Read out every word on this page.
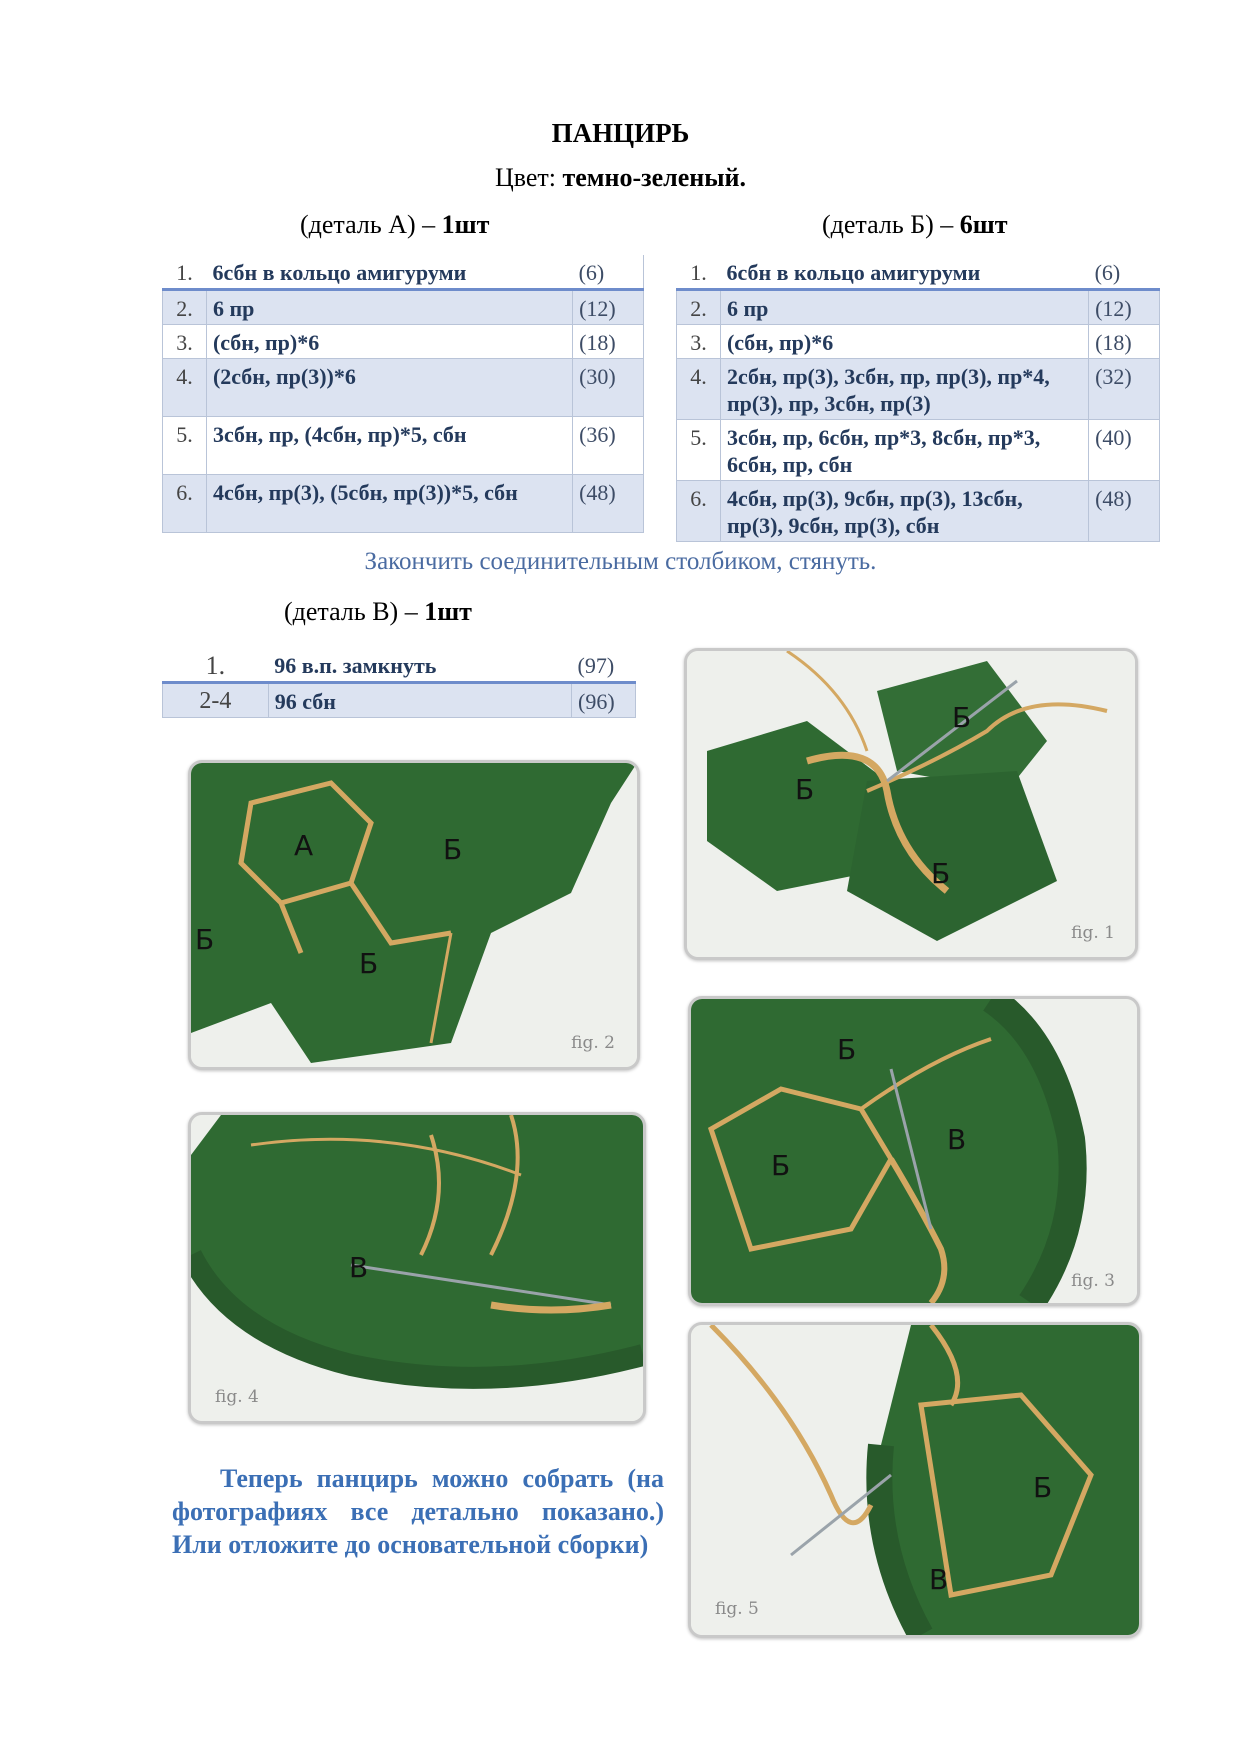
ПАНЦИРЬ
Цвет: темно-зеленый.
(деталь А) – 1шт	(деталь Б) – 6шт
1.	6сбн в кольцо амигуруми	(6)
2.	6 пр	(12)
3.	(сбн, пр)*6	(18)
4.	(2сбн, пр(3))*6	(30)
5.	3сбн, пр, (4сбн, пр)*5, сбн	(36)
6.	4сбн, пр(3), (5сбн, пр(3))*5, сбн	(48)
1.	6сбн в кольцо амигуруми	(6)
2.	6 пр	(12)
3.	(сбн, пр)*6	(18)
4.	2сбн, пр(3), 3сбн, пр, пр(3), пр*4, пр(3), пр, 3сбн, пр(3)	(32)
5.	3сбн, пр, 6сбн, пр*3, 8сбн, пр*3, 6сбн, пр, сбн	(40)
6.	4сбн, пр(3), 9сбн, пр(3), 13сбн, пр(3), 9сбн, пр(3), сбн	(48)
Закончить соединительным столбиком, стянуть.
(деталь В) – 1шт
1.	96 в.п. замкнуть	(97)
2-4	96 сбн	(96)	Б
Б
Б
fig. 1
А	Б
Б
Б
fig. 2	Б
Б
В
fig. 3
В
fig. 4
Б
В
fig. 5
Теперь панцирь можно собрать (на фотографиях все детально показано.) Или отложите до основательной сборки)
